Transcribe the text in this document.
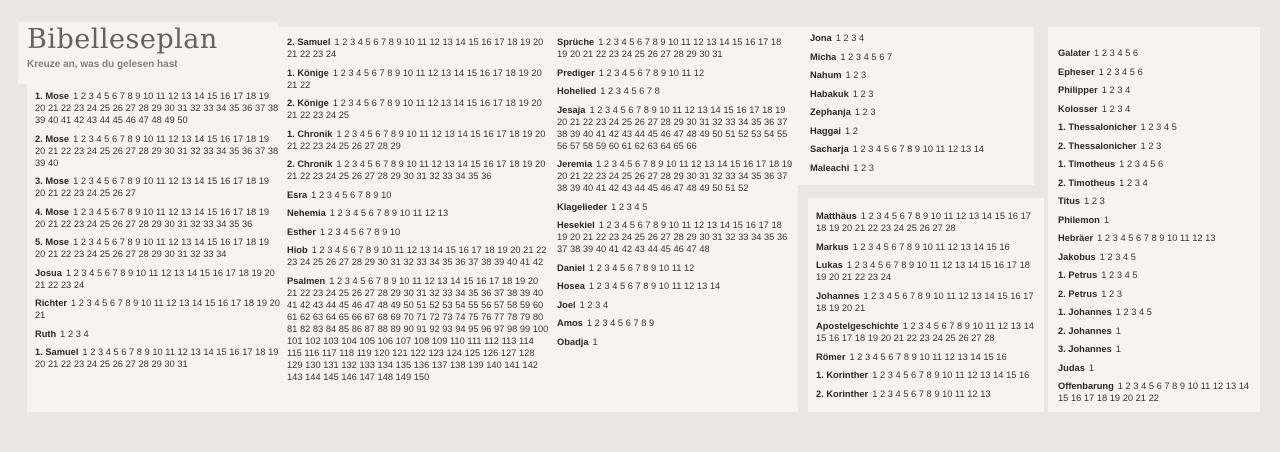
Bibelleseplan
Kreuze an, was du gelesen hast
1. Mose 1 2 3 4 5 6 7 8 9 10 11 12 13 14 15 16 17 18 19 20 21 22 23 24 25 26 27 28 29 30 31 32 33 34 35 36 37 38 39 40 41 42 43 44 45 46 47 48 49 50
2. Mose 1 2 3 4 5 6 7 8 9 10 11 12 13 14 15 16 17 18 19 20 21 22 23 24 25 26 27 28 29 30 31 32 33 34 35 36 37 38 39 40
3. Mose 1 2 3 4 5 6 7 8 9 10 11 12 13 14 15 16 17 18 19 20 21 22 23 24 25 26 27
4. Mose 1 2 3 4 5 6 7 8 9 10 11 12 13 14 15 16 17 18 19 20 21 22 23 24 25 26 27 28 29 30 31 32 33 34 35 36
5. Mose 1 2 3 4 5 6 7 8 9 10 11 12 13 14 15 16 17 18 19 20 21 22 23 24 25 26 27 28 29 30 31 32 33 34
Josua 1 2 3 4 5 6 7 8 9 10 11 12 13 14 15 16 17 18 19 20 21 22 23 24
Richter 1 2 3 4 5 6 7 8 9 10 11 12 13 14 15 16 17 18 19 20 21
Ruth 1 2 3 4
1. Samuel 1 2 3 4 5 6 7 8 9 10 11 12 13 14 15 16 17 18 19 20 21 22 23 24 25 26 27 28 29 30 31
2. Samuel 1 2 3 4 5 6 7 8 9 10 11 12 13 14 15 16 17 18 19 20 21 22 23 24
1. Könige 1 2 3 4 5 6 7 8 9 10 11 12 13 14 15 16 17 18 19 20 21 22
2. Könige 1 2 3 4 5 6 7 8 9 10 11 12 13 14 15 16 17 18 19 20 21 22 23 24 25
1. Chronik 1 2 3 4 5 6 7 8 9 10 11 12 13 14 15 16 17 18 19 20 21 22 23 24 25 26 27 28 29
2. Chronik 1 2 3 4 5 6 7 8 9 10 11 12 13 14 15 16 17 18 19 20 21 22 23 24 25 26 27 28 29 30 31 32 33 34 35 36
Esra 1 2 3 4 5 6 7 8 9 10
Nehemia 1 2 3 4 5 6 7 8 9 10 11 12 13
Esther 1 2 3 4 5 6 7 8 9 10
Hiob 1 2 3 4 5 6 7 8 9 10 11 12 13 14 15 16 17 18 19 20 21 22 23 24 25 26 27 28 29 30 31 32 33 34 35 36 37 38 39 40 41 42
Psalmen 1 2 3 4 5 6 7 8 9 10 11 12 13 14 15 16 17 18 19 20 21 22 23 24 25 26 27 28 29 30 31 32 33 34 35 36 37 38 39 40 41 42 43 44 45 46 47 48 49 50 51 52 53 54 55 56 57 58 59 60 61 62 63 64 65 66 67 68 69 70 71 72 73 74 75 76 77 78 79 80 81 82 83 84 85 86 87 88 89 90 91 92 93 94 95 96 97 98 99 100 101 102 103 104 105 106 107 108 109 110 111 112 113 114 115 116 117 118 119 120 121 122 123 124 125 126 127 128 129 130 131 132 133 134 135 136 137 138 139 140 141 142 143 144 145 146 147 148 149 150
Sprüche 1 2 3 4 5 6 7 8 9 10 11 12 13 14 15 16 17 18 19 20 21 22 23 24 25 26 27 28 29 30 31
Prediger 1 2 3 4 5 6 7 8 9 10 11 12
Hohelied 1 2 3 4 5 6 7 8
Jesaja 1 2 3 4 5 6 7 8 9 10 11 12 13 14 15 16 17 18 19 20 21 22 23 24 25 26 27 28 29 30 31 32 33 34 35 36 37 38 39 40 41 42 43 44 45 46 47 48 49 50 51 52 53 54 55 56 57 58 59 60 61 62 63 64 65 66
Jeremia 1 2 3 4 5 6 7 8 9 10 11 12 13 14 15 16 17 18 19 20 21 22 23 24 25 26 27 28 29 30 31 32 33 34 35 36 37 38 39 40 41 42 43 44 45 46 47 48 49 50 51 52
Klagelieder 1 2 3 4 5
Hesekiel 1 2 3 4 5 6 7 8 9 10 11 12 13 14 15 16 17 18 19 20 21 22 23 24 25 26 27 28 29 30 31 32 33 34 35 36 37 38 39 40 41 42 43 44 45 46 47 48
Daniel 1 2 3 4 5 6 7 8 9 10 11 12
Hosea 1 2 3 4 5 6 7 8 9 10 11 12 13 14
Joel 1 2 3 4
Amos 1 2 3 4 5 6 7 8 9
Obadja 1
Jona 1 2 3 4
Micha 1 2 3 4 5 6 7
Nahum 1 2 3
Habakuk 1 2 3
Zephanja 1 2 3
Haggai 1 2
Sacharja 1 2 3 4 5 6 7 8 9 10 11 12 13 14
Maleachi 1 2 3
Matthäus 1 2 3 4 5 6 7 8 9 10 11 12 13 14 15 16 17 18 19 20 21 22 23 24 25 26 27 28
Markus 1 2 3 4 5 6 7 8 9 10 11 12 13 14 15 16
Lukas 1 2 3 4 5 6 7 8 9 10 11 12 13 14 15 16 17 18 19 20 21 22 23 24
Johannes 1 2 3 4 5 6 7 8 9 10 11 12 13 14 15 16 17 18 19 20 21
Apostelgeschichte 1 2 3 4 5 6 7 8 9 10 11 12 13 14 15 16 17 18 19 20 21 22 23 24 25 26 27 28
Römer 1 2 3 4 5 6 7 8 9 10 11 12 13 14 15 16
1. Korinther 1 2 3 4 5 6 7 8 9 10 11 12 13 14 15 16
2. Korinther 1 2 3 4 5 6 7 8 9 10 11 12 13
Galater 1 2 3 4 5 6
Epheser 1 2 3 4 5 6
Philipper 1 2 3 4
Kolosser 1 2 3 4
1. Thessalonicher 1 2 3 4 5
2. Thessalonicher 1 2 3
1. Timotheus 1 2 3 4 5 6
2. Timotheus 1 2 3 4
Titus 1 2 3
Philemon 1
Hebräer 1 2 3 4 5 6 7 8 9 10 11 12 13
Jakobus 1 2 3 4 5
1. Petrus 1 2 3 4 5
2. Petrus 1 2 3
1. Johannes 1 2 3 4 5
2. Johannes 1
3. Johannes 1
Judas 1
Offenbarung 1 2 3 4 5 6 7 8 9 10 11 12 13 14 15 16 17 18 19 20 21 22
